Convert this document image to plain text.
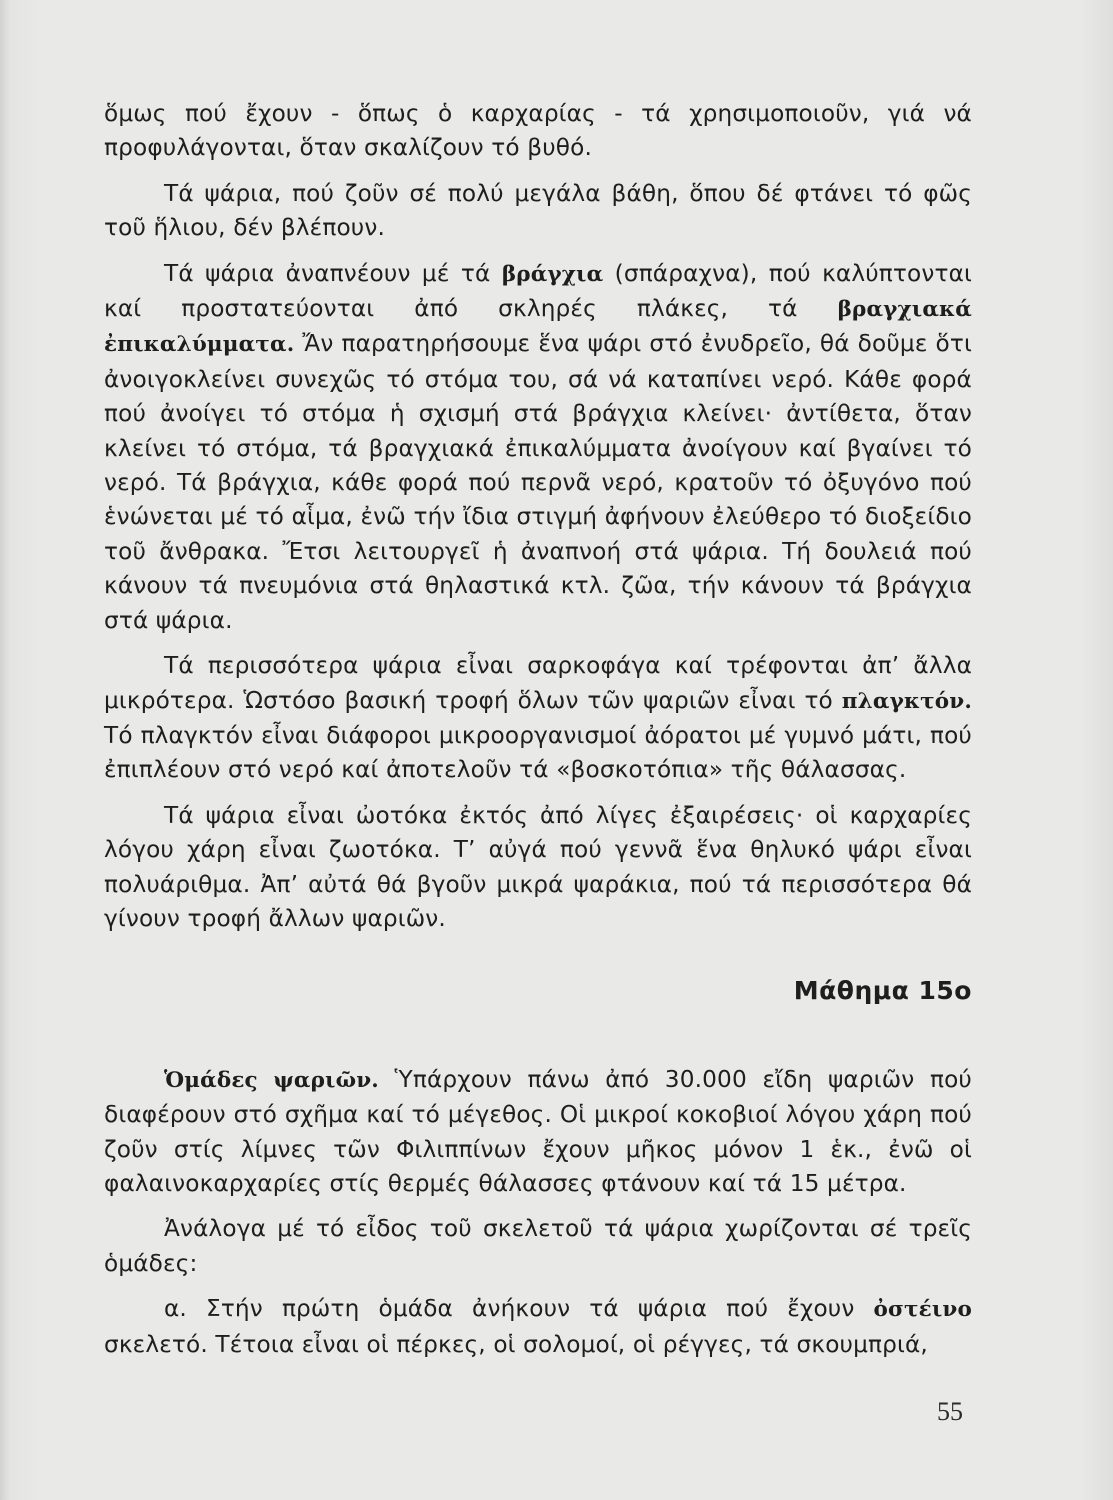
ὅμως πού ἔχουν - ὅπως ὁ καρχαρίας - τά χρησιμοποιοῦν, γιά νά προφυλάγονται, ὅταν σκαλίζουν τό βυθό.

Τά ψάρια, πού ζοῦν σέ πολύ μεγάλα βάθη, ὅπου δέ φτάνει τό φῶς τοῦ ἥλιου, δέν βλέπουν.

Τά ψάρια ἀναπνέουν μέ τά βράγχια (σπάραχνα), πού καλύπτονται καί προστατεύονται ἀπό σκληρές πλάκες, τά βραγχιακά ἐπικαλύμματα. Ἄν παρατηρήσουμε ἕνα ψάρι στό ἐνυδρεῖο, θά δοῦμε ὅτι ἀνοιγοκλείνει συνεχῶς τό στόμα του, σά νά καταπίνει νερό. Κάθε φορά πού ἀνοίγει τό στόμα ἡ σχισμή στά βράγχια κλείνει· ἀντίθετα, ὅταν κλείνει τό στόμα, τά βραγχιακά ἐπικαλύμματα ἀνοίγουν καί βγαίνει τό νερό. Τά βράγχια, κάθε φορά πού περνᾶ νερό, κρατοῦν τό ὀξυγόνο πού ἑνώνεται μέ τό αἷμα, ἐνῶ τήν ἴδια στιγμή ἀφήνουν ἐλεύθερο τό διοξείδιο τοῦ ἄνθρακα. Ἔτσι λειτουργεῖ ἡ ἀναπνοή στά ψάρια. Τή δουλειά πού κάνουν τά πνευμόνια στά θηλαστικά κτλ. ζῶα, τήν κάνουν τά βράγχια στά ψάρια.

Τά περισσότερα ψάρια εἶναι σαρκοφάγα καί τρέφονται ἀπ’ ἄλλα μικρότερα. Ὡστόσο βασική τροφή ὅλων τῶν ψαριῶν εἶναι τό πλαγκτόν. Τό πλαγκτόν εἶναι διάφοροι μικροοργανισμοί ἀόρατοι μέ γυμνό μάτι, πού ἐπιπλέουν στό νερό καί ἀποτελοῦν τά «βοσκοτόπια» τῆς θάλασσας.

Τά ψάρια εἶναι ὠοτόκα ἐκτός ἀπό λίγες ἐξαιρέσεις· οἱ καρχαρίες λόγου χάρη εἶναι ζωοτόκα. Τ’ αὐγά πού γεννᾶ ἕνα θηλυκό ψάρι εἶναι πολυάριθμα. Ἀπ’ αὐτά θά βγοῦν μικρά ψαράκια, πού τά περισσότερα θά γίνουν τροφή ἄλλων ψαριῶν.

Μάθημα 15ο

Ὁμάδες ψαριῶν. Ὑπάρχουν πάνω ἀπό 30.000 εἴδη ψαριῶν πού διαφέρουν στό σχῆμα καί τό μέγεθος. Οἱ μικροί κοκοβιοί λόγου χάρη πού ζοῦν στίς λίμνες τῶν Φιλιππίνων ἔχουν μῆκος μόνον 1 ἑκ., ἐνῶ οἱ φαλαινοκαρχαρίες στίς θερμές θάλασσες φτάνουν καί τά 15 μέτρα.

Ἀνάλογα μέ τό εἶδος τοῦ σκελετοῦ τά ψάρια χωρίζονται σέ τρεῖς ὁμάδες:

α. Στήν πρώτη ὁμάδα ἀνήκουν τά ψάρια πού ἔχουν ὀστέινο σκελετό. Τέτοια εἶναι οἱ πέρκες, οἱ σολομοί, οἱ ρέγγες, τά σκουμπριά,

55
